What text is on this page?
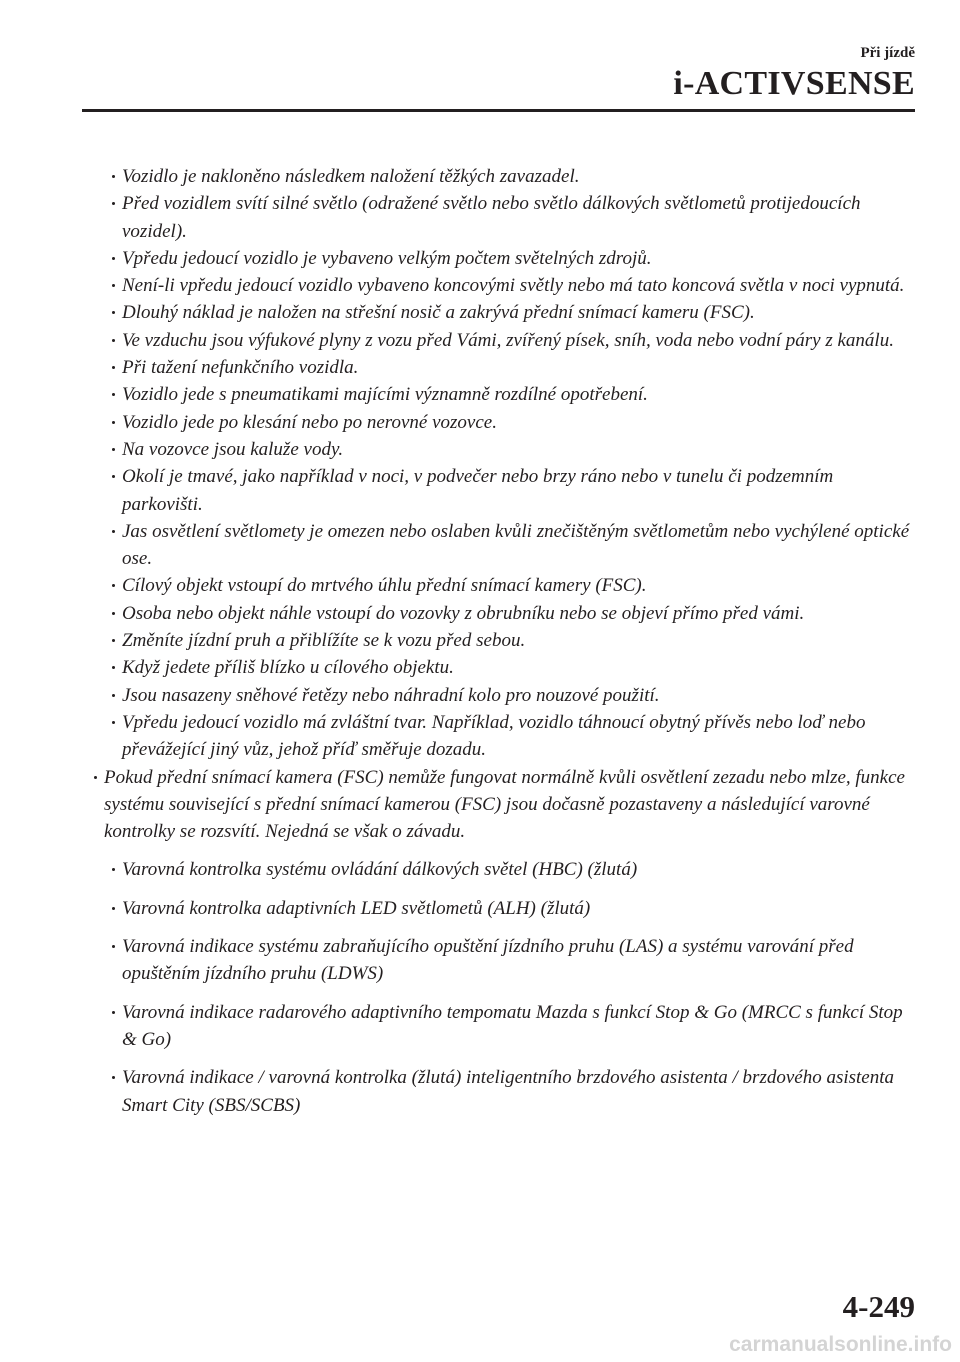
Při jízdě
i-ACTIVSENSE

Vozidlo je nakloněno následkem naložení těžkých zavazadel.

Před vozidlem svítí silné světlo (odražené světlo nebo světlo dálkových světlometů protijedoucích vozidel).

Vpředu jedoucí vozidlo je vybaveno velkým počtem světelných zdrojů.

Není-li vpředu jedoucí vozidlo vybaveno koncovými světly nebo má tato koncová světla v noci vypnutá.

Dlouhý náklad je naložen na střešní nosič a zakrývá přední snímací kameru (FSC).

Ve vzduchu jsou výfukové plyny z vozu před Vámi, zvířený písek, sníh, voda nebo vodní páry z kanálu.

Při tažení nefunkčního vozidla.

Vozidlo jede s pneumatikami majícími významně rozdílné opotřebení.

Vozidlo jede po klesání nebo po nerovné vozovce.

Na vozovce jsou kaluže vody.

Okolí je tmavé, jako například v noci, v podvečer nebo brzy ráno nebo v tunelu či podzemním parkovišti.

Jas osvětlení světlomety je omezen nebo oslaben kvůli znečištěným světlometům nebo vychýlené optické ose.

Cílový objekt vstoupí do mrtvého úhlu přední snímací kamery (FSC).

Osoba nebo objekt náhle vstoupí do vozovky z obrubníku nebo se objeví přímo před vámi.

Změníte jízdní pruh a přiblížíte se k vozu před sebou.

Když jedete příliš blízko u cílového objektu.

Jsou nasazeny sněhové řetězy nebo náhradní kolo pro nouzové použití.

Vpředu jedoucí vozidlo má zvláštní tvar. Například, vozidlo táhnoucí obytný přívěs nebo loď nebo převážející jiný vůz, jehož příď směřuje dozadu.

Pokud přední snímací kamera (FSC) nemůže fungovat normálně kvůli osvětlení zezadu nebo mlze, funkce systému související s přední snímací kamerou (FSC) jsou dočasně pozastaveny a následující varovné kontrolky se rozsvítí. Nejedná se však o závadu.

Varovná kontrolka systému ovládání dálkových světel (HBC) (žlutá)

Varovná kontrolka adaptivních LED světlometů (ALH) (žlutá)

Varovná indikace systému zabraňujícího opuštění jízdního pruhu (LAS) a systému varování před opuštěním jízdního pruhu (LDWS)

Varovná indikace radarového adaptivního tempomatu Mazda s funkcí Stop & Go (MRCC s funkcí Stop & Go)

Varovná indikace / varovná kontrolka (žlutá) inteligentního brzdového asistenta / brzdového asistenta Smart City (SBS/SCBS)

4-249
carmanualsonline.info
